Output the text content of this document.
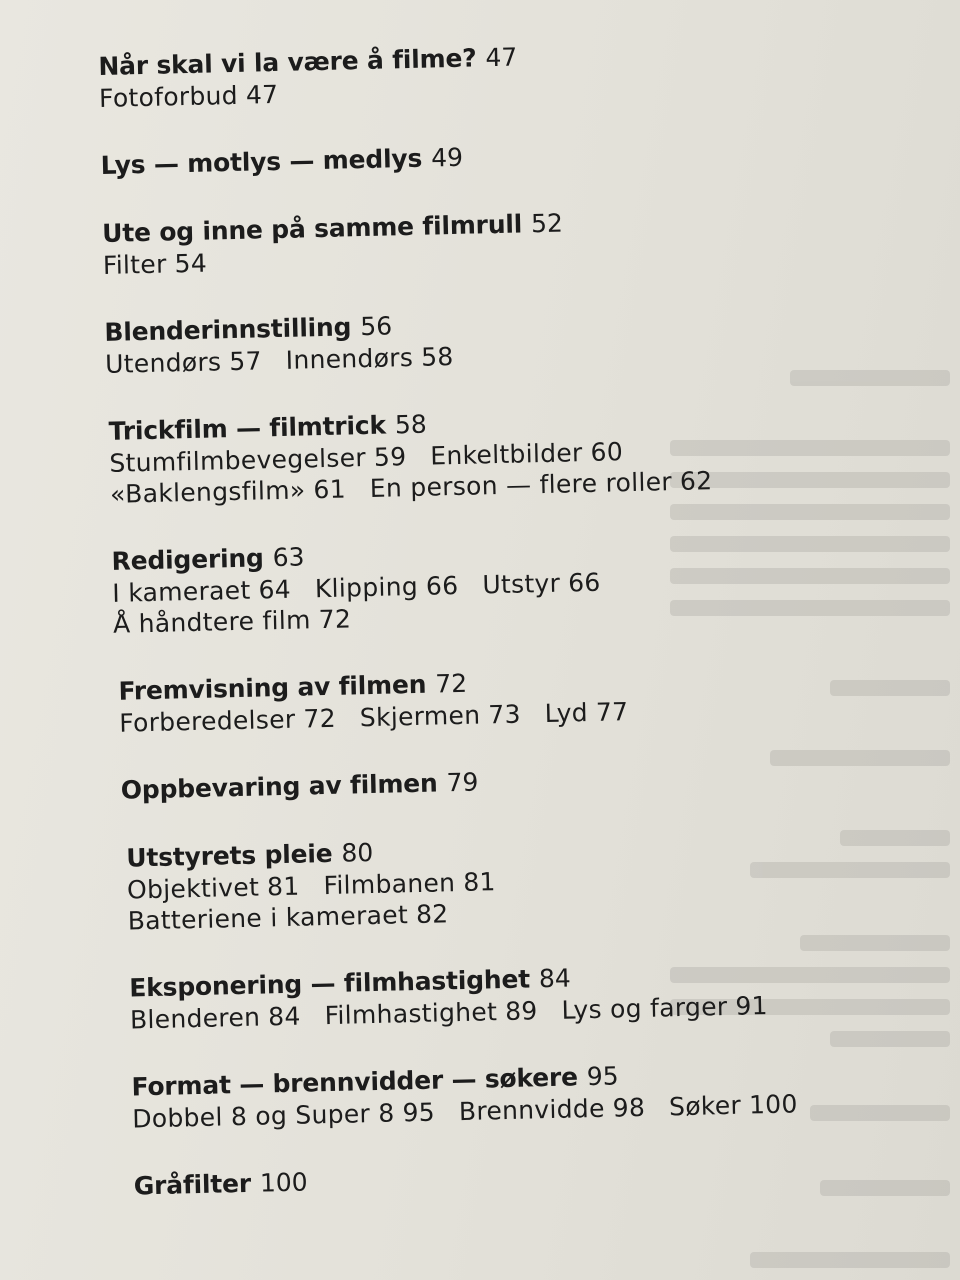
Når skal vi la være å filme? 47
Fotoforbud 47
Lys — motlys — medlys 49
Ute og inne på samme filmrull 52
Filter 54
Blenderinnstilling 56
Utendørs 57 Innendørs 58
Trickfilm — filmtrick 58
Stumfilmbevegelser 59 Enkeltbilder 60
«Baklengsfilm» 61 En person — flere roller 62
Redigering 63
I kameraet 64 Klipping 66 Utstyr 66
Å håndtere film 72
Fremvisning av filmen 72
Forberedelser 72 Skjermen 73 Lyd 77
Oppbevaring av filmen 79
Utstyrets pleie 80
Objektivet 81 Filmbanen 81
Batteriene i kameraet 82
Eksponering — filmhastighet 84
Blenderen 84 Filmhastighet 89 Lys og farger 91
Format — brennvidder — søkere 95
Dobbel 8 og Super 8 95 Brennvidde 98 Søker 100
Gråfilter 100
